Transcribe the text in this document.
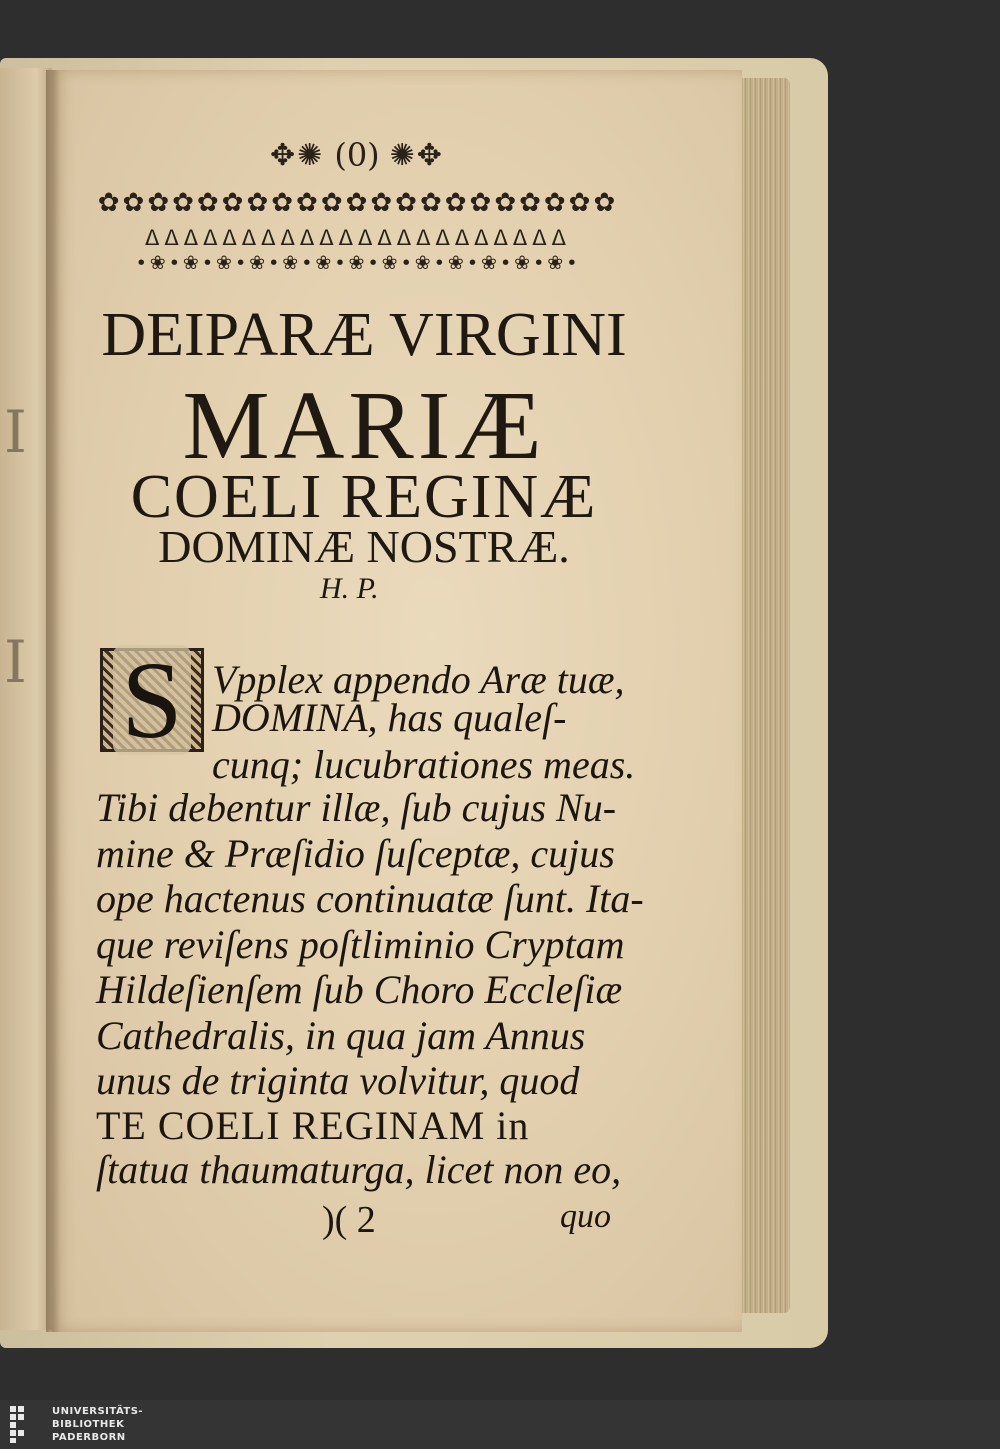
I
I
✥✺ (0) ✺✥
✿✿✿✿✿✿✿✿✿✿✿✿✿✿✿✿✿✿✿✿✿
ᐃᐃᐃᐃᐃᐃᐃᐃᐃᐃᐃᐃᐃᐃᐃᐃᐃᐃᐃᐃᐃᐃ
•❀•❀•❀•❀•❀•❀•❀•❀•❀•❀•❀•❀•❀•
DEIPARÆ VIRGINI
MARIÆ
COELI REGINÆ
DOMINÆ NOSTRÆ.
H. P.
S Vpplex appendo Aræ tuæ,
DOMINA, has qualeſ-
cunq; lucubrationes meas.
Tibi debentur illæ, ſub cujus Nu-
mine & Præſidio ſuſceptæ, cujus
ope hactenus continuatæ ſunt. Ita-
que reviſens poſtliminio Cryptam
Hildeſienſem ſub Choro Eccleſiæ
Cathedralis, in qua jam Annus
unus de triginta volvitur, quod
TE COELI REGINAM in
ſtatua thaumaturga, licet non eo,
)( 2	quo
UNIVERSITÄTS-
BIBLIOTHEK
PADERBORN
